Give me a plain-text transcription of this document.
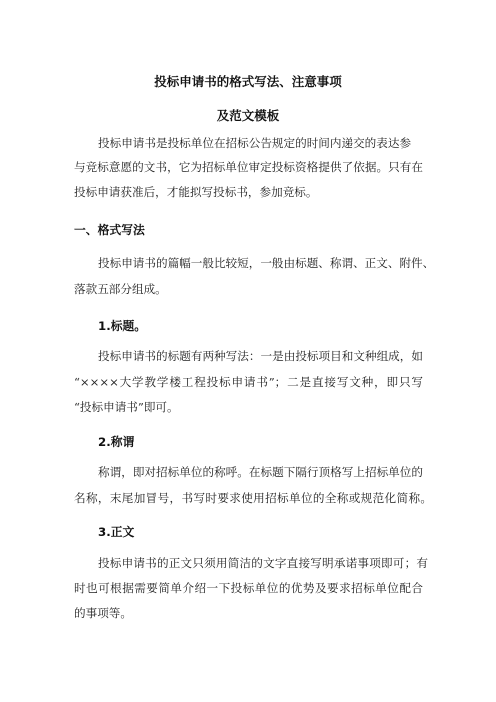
投标申请书的格式写法、注意事项
及范文模板
投标申请书是投标单位在招标公告规定的时间内递交的表达参
与竞标意愿的文书，它为招标单位审定投标资格提供了依据。只有在
投标申请获准后，才能拟写投标书，参加竞标。
一、格式写法
投标申请书的篇幅一般比较短，一般由标题、称谓、正文、附件、
落款五部分组成。
1.标题。
投标申请书的标题有两种写法：一是由投标项目和文种组成，如
“××××大学教学楼工程投标申请书”；二是直接写文种，即只写
“投标申请书”即可。
2.称谓
称谓，即对招标单位的称呼。在标题下隔行顶格写上招标单位的
名称，末尾加冒号，书写时要求使用招标单位的全称或规范化简称。
3.正文
投标申请书的正文只须用简洁的文字直接写明承诺事项即可；有
时也可根据需要简单介绍一下投标单位的优势及要求招标单位配合
的事项等。
